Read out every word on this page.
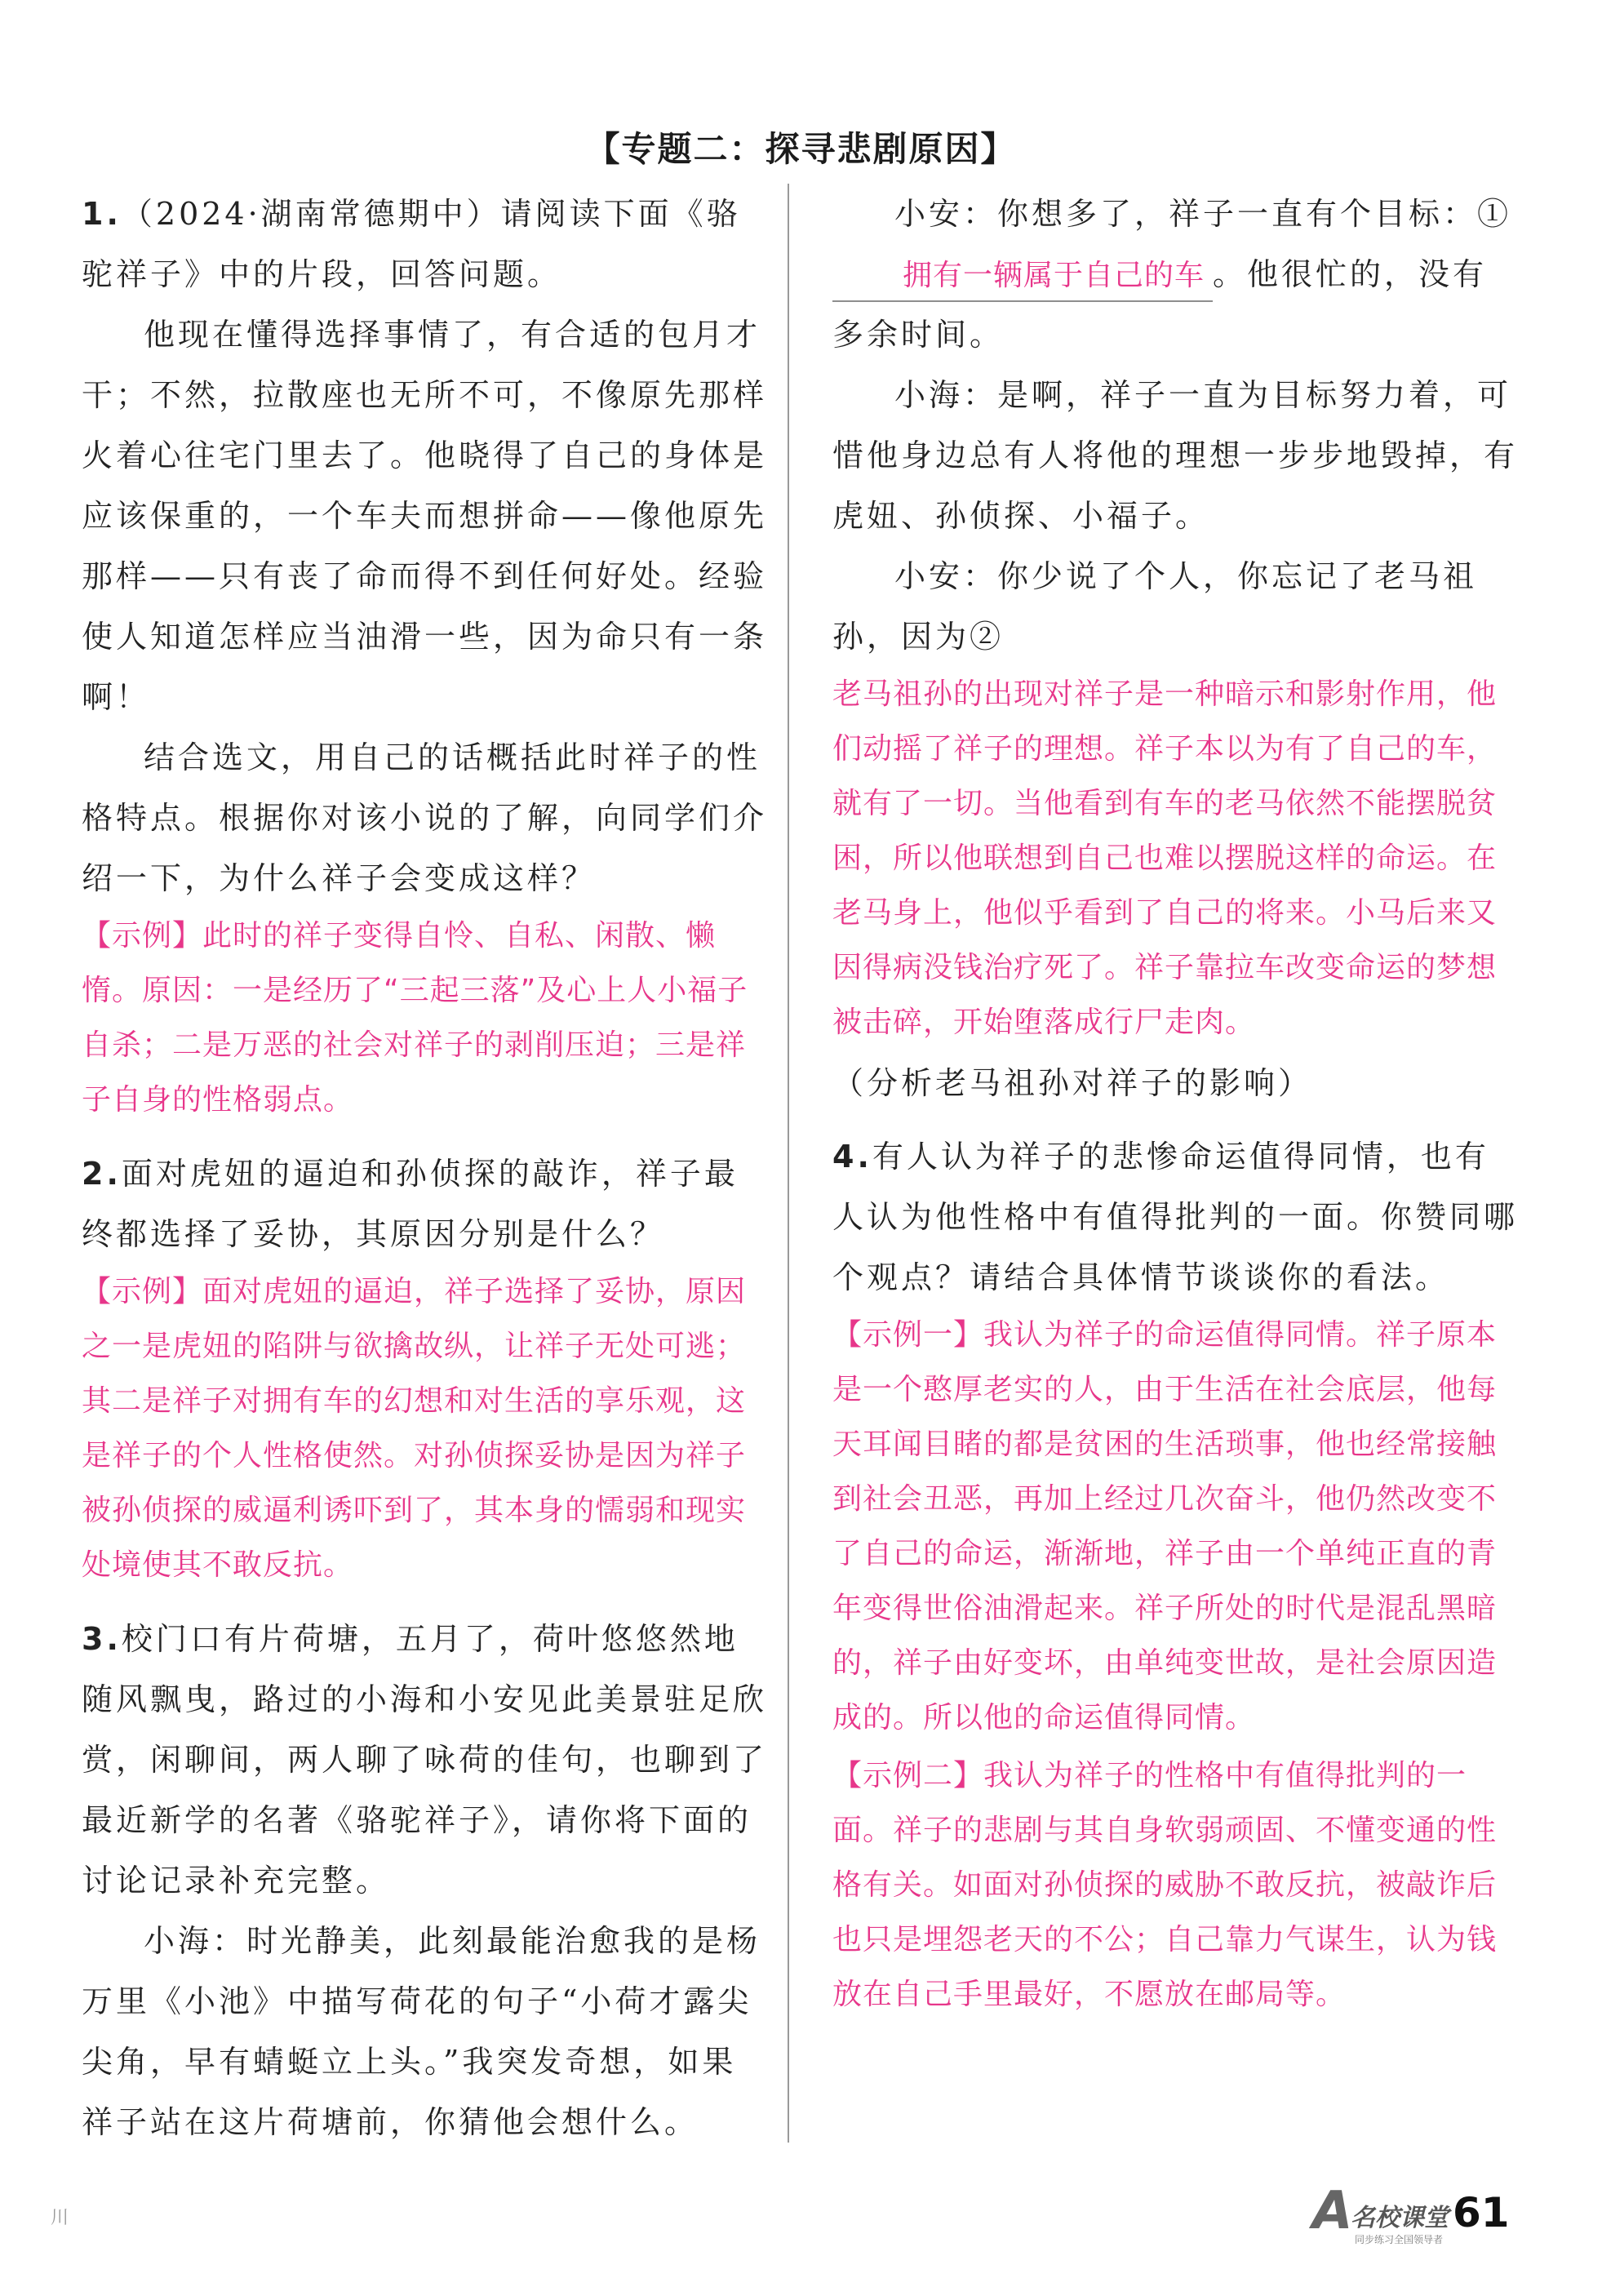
【专题二：探寻悲剧原因】

1.（2024·湖南常德期中）请阅读下面《骆驼祥子》中的片段，回答问题。

他现在懂得选择事情了，有合适的包月才干；不然，拉散座也无所不可，不像原先那样火着心往宅门里去了。他晓得了自己的身体是应该保重的，一个车夫而想拼命——像他原先那样——只有丧了命而得不到任何好处。经验使人知道怎样应当油滑一些，因为命只有一条啊！

结合选文，用自己的话概括此时祥子的性格特点。根据你对该小说的了解，向同学们介绍一下，为什么祥子会变成这样？

【示例】此时的祥子变得自怜、自私、闲散、懒惰。原因：一是经历了“三起三落”及心上人小福子自杀；二是万恶的社会对祥子的剥削压迫；三是祥子自身的性格弱点。

2.面对虎妞的逼迫和孙侦探的敲诈，祥子最终都选择了妥协，其原因分别是什么？

【示例】面对虎妞的逼迫，祥子选择了妥协，原因之一是虎妞的陷阱与欲擒故纵，让祥子无处可逃；其二是祥子对拥有车的幻想和对生活的享乐观，这是祥子的个人性格使然。对孙侦探妥协是因为祥子被孙侦探的威逼利诱吓到了，其本身的懦弱和现实处境使其不敢反抗。

3.校门口有片荷塘，五月了，荷叶悠悠然地随风飘曳，路过的小海和小安见此美景驻足欣赏，闲聊间，两人聊了咏荷的佳句，也聊到了最近新学的名著《骆驼祥子》，请你将下面的讨论记录补充完整。

小海：时光静美，此刻最能治愈我的是杨万里《小池》中描写荷花的句子“小荷才露尖尖角，早有蜻蜓立上头。”我突发奇想，如果祥子站在这片荷塘前，你猜他会想什么。

小安：你想多了，祥子一直有个目标：①拥有一辆属于自己的车 。他很忙的，没有多余时间。

小海：是啊，祥子一直为目标努力着，可惜他身边总有人将他的理想一步步地毁掉，有虎妞、孙侦探、小福子。

小安：你少说了个人，你忘记了老马祖孙，因为②

老马祖孙的出现对祥子是一种暗示和影射作用，他们动摇了祥子的理想。祥子本以为有了自己的车，就有了一切。当他看到有车的老马依然不能摆脱贫困，所以他联想到自己也难以摆脱这样的命运。在老马身上，他似乎看到了自己的将来。小马后来又因得病没钱治疗死了。祥子靠拉车改变命运的梦想被击碎，开始堕落成行尸走肉。

（分析老马祖孙对祥子的影响）

4.有人认为祥子的悲惨命运值得同情，也有人认为他性格中有值得批判的一面。你赞同哪个观点？请结合具体情节谈谈你的看法。

【示例一】我认为祥子的命运值得同情。祥子原本是一个憨厚老实的人，由于生活在社会底层，他每天耳闻目睹的都是贫困的生活琐事，他也经常接触到社会丑恶，再加上经过几次奋斗，他仍然改变不了自己的命运，渐渐地，祥子由一个单纯正直的青年变得世俗油滑起来。祥子所处的时代是混乱黑暗的，祥子由好变坏，由单纯变世故，是社会原因造成的。所以他的命运值得同情。

【示例二】我认为祥子的性格中有值得批判的一面。祥子的悲剧与其自身软弱顽固、不懂变通的性格有关。如面对孙侦探的威胁不敢反抗，被敲诈后也只是埋怨老天的不公；自己靠力气谋生，认为钱放在自己手里最好，不愿放在邮局等。

川	A
名校课堂
同步练习全国领导者
61
